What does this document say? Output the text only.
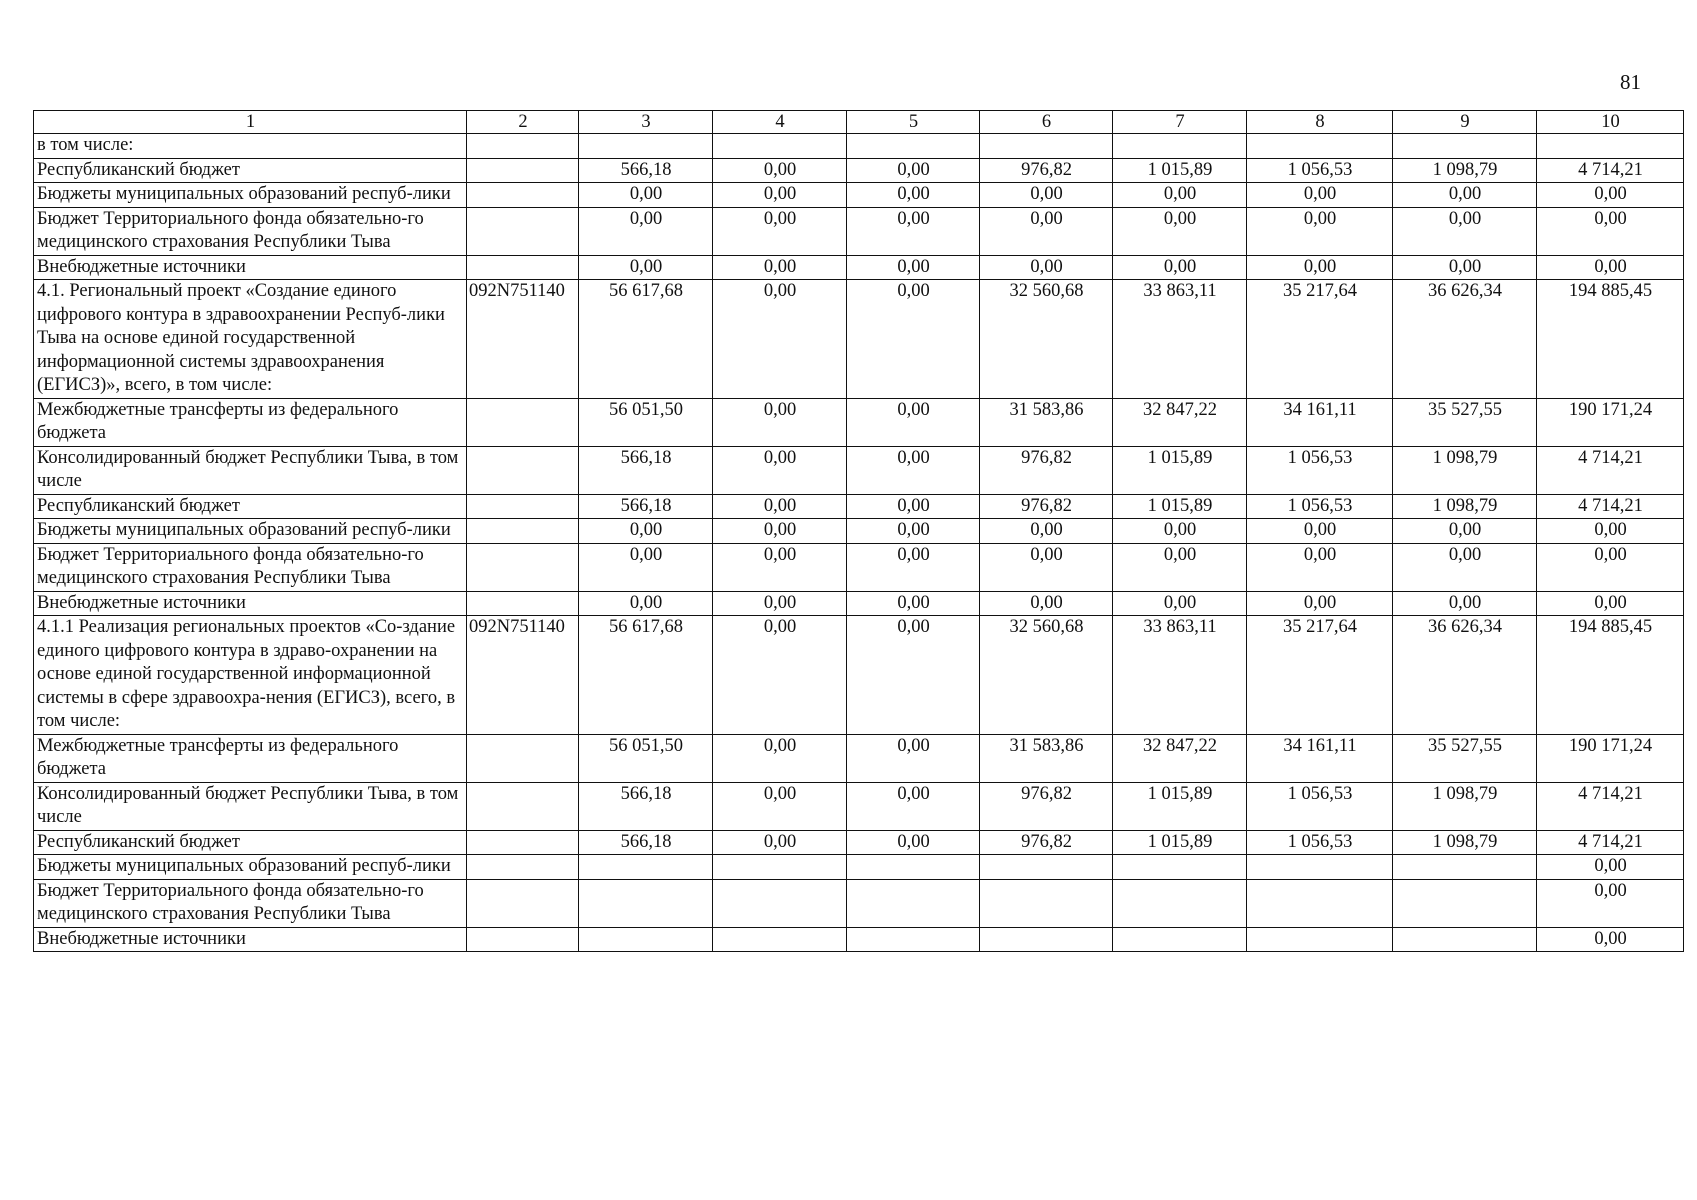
81
1	2	3	4	5	6	7	8	9	10
в том числе:									
Республиканский бюджет		566,18	0,00	0,00	976,82	1 015,89	1 056,53	1 098,79	4 714,21
Бюджеты муниципальных образований респуб-лики		0,00	0,00	0,00	0,00	0,00	0,00	0,00	0,00
Бюджет Территориального фонда обязательно-го медицинского страхования Республики Тыва		0,00	0,00	0,00	0,00	0,00	0,00	0,00	0,00
Внебюджетные источники		0,00	0,00	0,00	0,00	0,00	0,00	0,00	0,00
4.1. Региональный проект «Создание единого цифрового контура в здравоохранении Респуб-лики Тыва на основе единой государственной информационной системы здравоохранения (ЕГИСЗ)», всего, в том числе:	092N751140	56 617,68	0,00	0,00	32 560,68	33 863,11	35 217,64	36 626,34	194 885,45
Межбюджетные трансферты из федерального бюджета		56 051,50	0,00	0,00	31 583,86	32 847,22	34 161,11	35 527,55	190 171,24
Консолидированный бюджет Республики Тыва, в том числе		566,18	0,00	0,00	976,82	1 015,89	1 056,53	1 098,79	4 714,21
Республиканский бюджет		566,18	0,00	0,00	976,82	1 015,89	1 056,53	1 098,79	4 714,21
Бюджеты муниципальных образований респуб-лики		0,00	0,00	0,00	0,00	0,00	0,00	0,00	0,00
Бюджет Территориального фонда обязательно-го медицинского страхования Республики Тыва		0,00	0,00	0,00	0,00	0,00	0,00	0,00	0,00
Внебюджетные источники		0,00	0,00	0,00	0,00	0,00	0,00	0,00	0,00
4.1.1 Реализация региональных проектов «Со-здание единого цифрового контура в здраво-охранении на основе единой государственной информационной системы в сфере здравоохра-нения (ЕГИСЗ), всего, в том числе:	092N751140	56 617,68	0,00	0,00	32 560,68	33 863,11	35 217,64	36 626,34	194 885,45
Межбюджетные трансферты из федерального бюджета		56 051,50	0,00	0,00	31 583,86	32 847,22	34 161,11	35 527,55	190 171,24
Консолидированный бюджет Республики Тыва, в том числе		566,18	0,00	0,00	976,82	1 015,89	1 056,53	1 098,79	4 714,21
Республиканский бюджет		566,18	0,00	0,00	976,82	1 015,89	1 056,53	1 098,79	4 714,21
Бюджеты муниципальных образований респуб-лики									0,00
Бюджет Территориального фонда обязательно-го медицинского страхования Республики Тыва									0,00
Внебюджетные источники									0,00
